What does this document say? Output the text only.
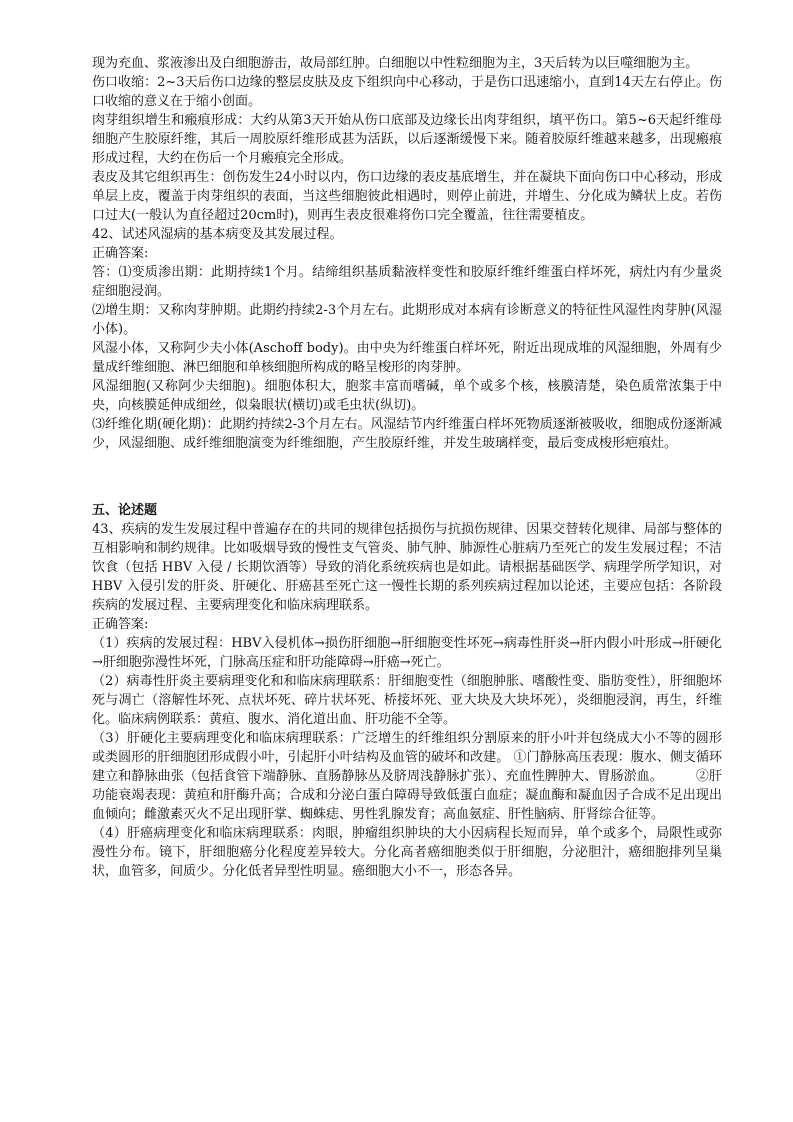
现为充血、浆液渗出及白细胞游击，故局部红肿。白细胞以中性粒细胞为主，3天后转为以巨噬细胞为主。

伤口收缩：2~3天后伤口边缘的整层皮肤及皮下组织向中心移动，于是伤口迅速缩小，直到14天左右停止。伤口收缩的意义在于缩小创面。

肉芽组织增生和瘢痕形成：大约从第3天开始从伤口底部及边缘长出肉芽组织，填平伤口。第5~6天起纤维母细胞产生胶原纤维，其后一周胶原纤维形成甚为活跃，以后逐渐缓慢下来。随着胶原纤维越来越多，出现瘢痕形成过程，大约在伤后一个月瘢痕完全形成。

表皮及其它组织再生：创伤发生24小时以内，伤口边缘的表皮基底增生，并在凝块下面向伤口中心移动，形成单层上皮，覆盖于肉芽组织的表面，当这些细胞彼此相遇时，则停止前进，并增生、分化成为鳞状上皮。若伤口过大(一般认为直径超过20cm时)，则再生表皮很难将伤口完全覆盖，往往需要植皮。

42、试述风湿病的基本病变及其发展过程。

正确答案:

答：⑴变质渗出期：此期持续1个月。结缔组织基质黏液样变性和胶原纤维纤维蛋白样坏死，病灶内有少量炎症细胞浸润。

⑵增生期：又称肉芽肿期。此期约持续2-3个月左右。此期形成对本病有诊断意义的特征性风湿性肉芽肿(风湿小体)。

风湿小体，又称阿少夫小体(Aschoff body)。由中央为纤维蛋白样坏死，附近出现成堆的风湿细胞，外周有少量成纤维细胞、淋巴细胞和单核细胞所构成的略呈梭形的肉芽肿。

风湿细胞(又称阿少夫细胞)。细胞体积大，胞浆丰富而嗜碱，单个或多个核，核膜清楚，染色质常浓集于中央，向核膜延伸成细丝，似枭眼状(横切)或毛虫状(纵切)。

⑶纤维化期(硬化期)：此期约持续2-3个月左右。风湿结节内纤维蛋白样坏死物质逐渐被吸收，细胞成份逐渐减少，风湿细胞、成纤维细胞演变为纤维细胞，产生胶原纤维，并发生玻璃样变，最后变成梭形疤痕灶。

五、论述题

43、疾病的发生发展过程中普遍存在的共同的规律包括损伤与抗损伤规律、因果交替转化规律、局部与整体的互相影响和制约规律。比如吸烟导致的慢性支气管炎、肺气肿、肺源性心脏病乃至死亡的发生发展过程；不洁饮食（包括 HBV 入侵 / 长期饮酒等）导致的消化系统疾病也是如此。请根据基础医学、病理学所学知识，对 HBV 入侵引发的肝炎、肝硬化、肝癌甚至死亡这一慢性长期的系列疾病过程加以论述，主要应包括：各阶段疾病的发展过程、主要病理变化和临床病理联系。

正确答案:

（1）疾病的发展过程：HBV入侵机体→损伤肝细胞→肝细胞变性坏死→病毒性肝炎→肝内假小叶形成→肝硬化→肝细胞弥漫性坏死，门脉高压症和肝功能障碍→肝癌→死亡。

（2）病毒性肝炎主要病理变化和和临床病理联系：肝细胞变性（细胞肿胀、嗜酸性变、脂肪变性），肝细胞坏死与凋亡（溶解性坏死、点状坏死、碎片状坏死、桥接坏死、亚大块及大块坏死），炎细胞浸润，再生，纤维化。临床病例联系：黄疸、腹水、消化道出血、肝功能不全等。

（3）肝硬化主要病理变化和临床病理联系：广泛增生的纤维组织分割原来的肝小叶并包绕成大小不等的圆形或类圆形的肝细胞团形成假小叶，引起肝小叶结构及血管的破坏和改建。 ①门静脉高压表现：腹水、侧支循环建立和静脉曲张（包括食管下端静脉、直肠静脉丛及脐周浅静脉扩张）、充血性脾肿大、胃肠淤血。　　　②肝功能衰竭表现：黄疸和肝酶升高；合成和分泌白蛋白障碍导致低蛋白血症；凝血酶和凝血因子合成不足出现出血倾向；雌激素灭火不足出现肝掌、蜘蛛痣、男性乳腺发育；高血氨症、肝性脑病、肝肾综合征等。

（4）肝癌病理变化和临床病理联系：肉眼，肿瘤组织肿块的大小因病程长短而异，单个或多个，局限性或弥漫性分布。镜下，肝细胞癌分化程度差异较大。分化高者癌细胞类似于肝细胞，分泌胆汁，癌细胞排列呈巢状，血管多，间质少。分化低者异型性明显。癌细胞大小不一，形态各异。
